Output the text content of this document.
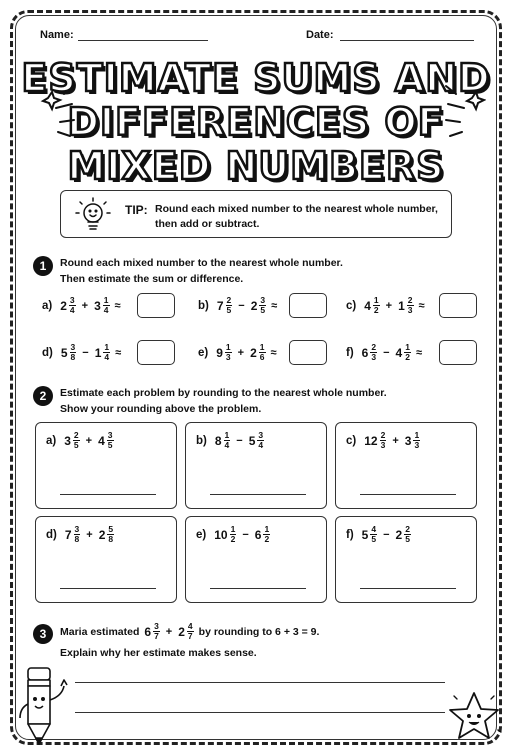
Name:	Date:
ESTIMATE SUMS AND
DIFFERENCES OF
MIXED NUMBERS
TIP: Round each mixed number to the nearest whole number, then add or subtract.
1	Round each mixed number to the nearest whole number.
Then estimate the sum or difference.
a) $2 \frac{3}{4} + 3 \frac{1}{4}$ ≈	b) $7 \frac{2}{5} - 2 \frac{3}{5}$ ≈	c) $4 \frac{1}{2} + 1 \frac{2}{3}$ ≈
d) $5 \frac{3}{8} - 1 \frac{1}{4}$ ≈	e) $9 \frac{1}{3} + 2 \frac{1}{6}$ ≈	f) $6 \frac{2}{3} - 4 \frac{1}{2}$ ≈
2	Estimate each problem by rounding to the nearest whole number.
Show your rounding above the problem.
a) $3 \frac{2}{5} + 4 \frac{3}{5}$	b) $8 \frac{1}{4} - 5 \frac{3}{4}$	c) $12 \frac{2}{3} + 3 \frac{1}{3}$
d) $7 \frac{3}{8} + 2 \frac{5}{8}$	e) $10 \frac{1}{2} - 6 \frac{1}{2}$	f) $5 \frac{4}{5} - 2 \frac{2}{5}$
3	Maria estimated $6 \frac{3}{7} + 2 \frac{4}{7}$ by rounding to 6 + 3 = 9.
Explain why her estimate makes sense.
